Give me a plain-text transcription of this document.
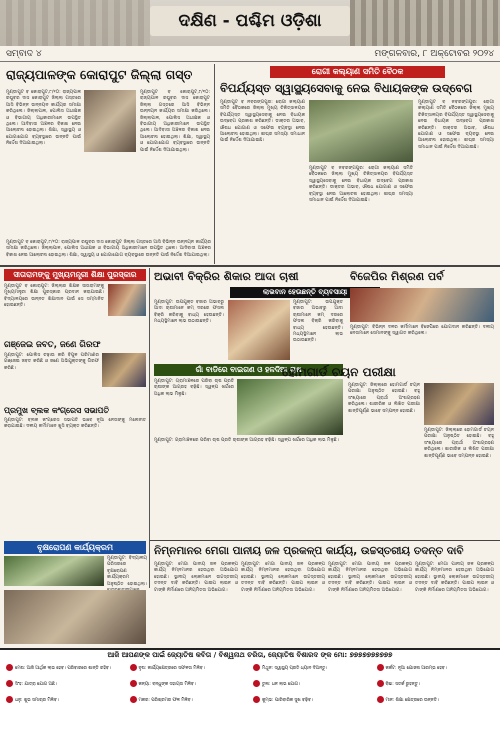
ଦକ୍ଷିଣ - ପଶ୍ଚିମ ଓଡ଼ିଶା
ସମ୍ବାଦ ୪	ମଙ୍ଗଳବାର, ୮ ଅକ୍ଟୋବର ୨୦୨୪
ରାଜ୍ୟପାଳଙ୍କ କୋରାପୁଟ ଜିଲ୍ଲା ଗସ୍ତ
ମୁଣ୍ଡାପୁଟ ବ କୋରାପୁଟ,୮/୧୦: ରାଜ୍ୟପାଳ ରଘୁବର ଦାସ କୋରାପୁଟ ଜିଲ୍ଲା ଗସ୍ତରେ ଆସି ବିଭିନ୍ନ ଉନ୍ନୟନ କାର୍ଯ୍ୟର ସମୀକ୍ଷା କରିଥିଲେ। ଜିଲ୍ଲାପାଳ, ପୋଲିସ ଅଧୀକ୍ଷକ ଓ ବିଭାଗୀୟ ଅଧିକାରୀମାନେ ଉପସ୍ଥିତ ଥିଲେ। ଆଦିବାସୀ ଅଞ୍ଚଳର ବିକାଶ ନେଇ ଆଲୋଚନା ହୋଇଥିଲା। ଶିକ୍ଷା, ସ୍ୱାସ୍ଥ୍ୟ ଓ ଯୋଗାଯୋଗ ବ୍ୟବସ୍ଥାରେ ଉନ୍ନତି ପାଇଁ ନିର୍ଦ୍ଦେଶ ଦିଆଯାଇଥିଲା।
ମୁଣ୍ଡାପୁଟ ବ କୋରାପୁଟ,୮/୧୦: ରାଜ୍ୟପାଳ ରଘୁବର ଦାସ କୋରାପୁଟ ଜିଲ୍ଲା ଗସ୍ତରେ ଆସି ବିଭିନ୍ନ ଉନ୍ନୟନ କାର୍ଯ୍ୟର ସମୀକ୍ଷା କରିଥିଲେ। ଜିଲ୍ଲାପାଳ, ପୋଲିସ ଅଧୀକ୍ଷକ ଓ ବିଭାଗୀୟ ଅଧିକାରୀମାନେ ଉପସ୍ଥିତ ଥିଲେ। ଆଦିବାସୀ ଅଞ୍ଚଳର ବିକାଶ ନେଇ ଆଲୋଚନା ହୋଇଥିଲା। ଶିକ୍ଷା, ସ୍ୱାସ୍ଥ୍ୟ ଓ ଯୋଗାଯୋଗ ବ୍ୟବସ୍ଥାରେ ଉନ୍ନତି ପାଇଁ ନିର୍ଦ୍ଦେଶ ଦିଆଯାଇଥିଲା।
ମୁଣ୍ଡାପୁଟ ବ କୋରାପୁଟ,୮/୧୦: ରାଜ୍ୟପାଳ ରଘୁବର ଦାସ କୋରାପୁଟ ଜିଲ୍ଲା ଗସ୍ତରେ ଆସି ବିଭିନ୍ନ ଉନ୍ନୟନ କାର୍ଯ୍ୟର ସମୀକ୍ଷା କରିଥିଲେ। ଜିଲ୍ଲାପାଳ, ପୋଲିସ ଅଧୀକ୍ଷକ ଓ ବିଭାଗୀୟ ଅଧିକାରୀମାନେ ଉପସ୍ଥିତ ଥିଲେ। ଆଦିବାସୀ ଅଞ୍ଚଳର ବିକାଶ ନେଇ ଆଲୋଚନା ହୋଇଥିଲା। ଶିକ୍ଷା, ସ୍ୱାସ୍ଥ୍ୟ ଓ ଯୋଗାଯୋଗ ବ୍ୟବସ୍ଥାରେ ଉନ୍ନତି ପାଇଁ ନିର୍ଦ୍ଦେଶ ଦିଆଯାଇଥିଲା।
ରୋଗୀ କଲ୍ୟାଣ ସମିତି ବୈଠକ
ବିପର୍ଯ୍ୟସ୍ତ ସ୍ୱାସ୍ଥ୍ୟସେବାକୁ ନେଇ ବିଧାୟକଙ୍କ ଉଦ୍‌ବେଗ
ମୁଣ୍ଡାପୁଟ ବ ନବରଙ୍ଗପୁର: ରୋଗୀ କଲ୍ୟାଣ ସମିତି ବୈଠକରେ ଜିଲ୍ଲା ମୁଖ୍ୟ ଚିକିତ୍ସାଳୟର ବିପର୍ଯ୍ୟସ୍ତ ସ୍ୱାସ୍ଥ୍ୟସେବାକୁ ନେଇ ବିଧାୟକ ଉଦ୍‌ବେଗ ପ୍ରକାଶ କରିଛନ୍ତି। ଡାକ୍ତର ଅଭାବ, ଔଷଧ ଯୋଗାଣ ଓ ସଫେଇ ବ୍ୟବସ୍ଥା ନେଇ ଆଲୋଚନା ହୋଇଥିଲା। ଶୀଘ୍ର ସମସ୍ୟା ସମାଧାନ ପାଇଁ ନିର୍ଦ୍ଦେଶ ଦିଆଯାଇଛି।
ମୁଣ୍ଡାପୁଟ ବ ନବରଙ୍ଗପୁର: ରୋଗୀ କଲ୍ୟାଣ ସମିତି ବୈଠକରେ ଜିଲ୍ଲା ମୁଖ୍ୟ ଚିକିତ୍ସାଳୟର ବିପର୍ଯ୍ୟସ୍ତ ସ୍ୱାସ୍ଥ୍ୟସେବାକୁ ନେଇ ବିଧାୟକ ଉଦ୍‌ବେଗ ପ୍ରକାଶ କରିଛନ୍ତି। ଡାକ୍ତର ଅଭାବ, ଔଷଧ ଯୋଗାଣ ଓ ସଫେଇ ବ୍ୟବସ୍ଥା ନେଇ ଆଲୋଚନା ହୋଇଥିଲା। ଶୀଘ୍ର ସମସ୍ୟା ସମାଧାନ ପାଇଁ ନିର୍ଦ୍ଦେଶ ଦିଆଯାଇଛି।
ମୁଣ୍ଡାପୁଟ ବ ନବରଙ୍ଗପୁର: ରୋଗୀ କଲ୍ୟାଣ ସମିତି ବୈଠକରେ ଜିଲ୍ଲା ମୁଖ୍ୟ ଚିକିତ୍ସାଳୟର ବିପର୍ଯ୍ୟସ୍ତ ସ୍ୱାସ୍ଥ୍ୟସେବାକୁ ନେଇ ବିଧାୟକ ଉଦ୍‌ବେଗ ପ୍ରକାଶ କରିଛନ୍ତି। ଡାକ୍ତର ଅଭାବ, ଔଷଧ ଯୋଗାଣ ଓ ସଫେଇ ବ୍ୟବସ୍ଥା ନେଇ ଆଲୋଚନା ହୋଇଥିଲା। ଶୀଘ୍ର ସମସ୍ୟା ସମାଧାନ ପାଇଁ ନିର୍ଦ୍ଦେଶ ଦିଆଯାଇଛି।
ସୀତାରାମଙ୍କୁ ମୁଖ୍ୟମନ୍ତ୍ରୀ ଶିକ୍ଷା ପୁରସ୍କାର
ମୁଣ୍ଡାପୁଟ ବ କୋରାପୁଟ: ଜିଲ୍ଲାର ଶିକ୍ଷକ ସୀତାରାମଙ୍କୁ ମୁଖ୍ୟମନ୍ତ୍ରୀ ଶିକ୍ଷା ପୁରସ୍କାର ପ୍ରଦାନ କରାଯାଇଛି। ବିଦ୍ୟାଳୟରେ ଉନ୍ନତ ଶିକ୍ଷାଦାନ ପାଇଁ ସେ ସମ୍ମାନିତ ହୋଇଛନ୍ତି।
ଗଞ୍ଜେଇ ଜବତ, ଜଣେ ଗିରଫ
ମୁଣ୍ଡାପୁଟ: ପୋଲିସ ଚଢ଼ାଉ କରି ବିପୁଳ ପରିମାଣର ଗଞ୍ଜେଇ ଜବତ କରିଛି ଓ ଜଣେ ଅଭିଯୁକ୍ତଙ୍କୁ ଗିରଫ କରିଛି।
ପ୍ରମୁଖ ବ୍ଲକ କଂଗ୍ରେସ ସଭାପତି
ମୁଣ୍ଡାପୁଟ: ବ୍ଲକ କଂଗ୍ରେସ ସଭାପତି ଭାବେ ନୂଆ ନେତାଙ୍କୁ ମନୋନୀତ କରାଯାଇଛି। ଦଳୀୟ କର୍ମୀମାନେ ଖୁସି ବ୍ୟକ୍ତ କରିଛନ୍ତି।
ବୃକ୍ଷରୋପଣ କାର୍ଯ୍ୟକ୍ରମ
ମୁଣ୍ଡାପୁଟ: ବିଦ୍ୟାଳୟ ପରିସରରେ ବୃକ୍ଷରୋପଣ କାର୍ଯ୍ୟକ୍ରମ ଅନୁଷ୍ଠିତ ହୋଇଥିଲା।
ଅଭାବୀ ବିକ୍ରିର ଶିକାର ଆଦା ଚାଷୀ
ଲାଭବାନ ହେଉଛନ୍ତି ବ୍ୟବସାୟୀ
ମୁଣ୍ଡାପୁଟ: ଉପଯୁକ୍ତ ବଜାର ଅଭାବରୁ ଆଦା ଚାଷୀମାନେ କମ୍ ଦରରେ ଫସଲ ବିକ୍ରି କରିବାକୁ ବାଧ୍ୟ ହେଉଛନ୍ତି। ମଧ୍ୟସ୍ଥିମାନେ ଲାଭ ଉଠାଉଛନ୍ତି।
ମୁଣ୍ଡାପୁଟ: ଉପଯୁକ୍ତ ବଜାର ଅଭାବରୁ ଆଦା ଚାଷୀମାନେ କମ୍ ଦରରେ ଫସଲ ବିକ୍ରି କରିବାକୁ ବାଧ୍ୟ ହେଉଛନ୍ତି। ମଧ୍ୟସ୍ଥିମାନେ ଲାଭ ଉଠାଉଛନ୍ତି।
ଗାଁ ବାଡିରେ ବାଇଗଣ ଓ ହଳଦିଆ ଚାଷ
ମୁଣ୍ଡାପୁଟ: ଗ୍ରାମାଞ୍ଚଳରେ ପରିବା ଚାଷ ପ୍ରତି ଚାଷୀଙ୍କ ଆଗ୍ରହ ବଢ଼ିଛି। ସ୍ୱଳ୍ପ ଖର୍ଚ୍ଚରେ ଅଧିକ ଲାଭ ମିଳୁଛି।
ମୁଣ୍ଡାପୁଟ: ଗ୍ରାମାଞ୍ଚଳରେ ପରିବା ଚାଷ ପ୍ରତି ଚାଷୀଙ୍କ ଆଗ୍ରହ ବଢ଼ିଛି। ସ୍ୱଳ୍ପ ଖର୍ଚ୍ଚରେ ଅଧିକ ଲାଭ ମିଳୁଛି।
ବିଜେପିର ମିଶ୍ରଣ ପର୍ବ
ମୁଣ୍ଡାପୁଟ: ବିଭିନ୍ନ ଦଳର କର୍ମୀମାନେ ବିଜେପିରେ ଯୋଗଦାନ କରିଛନ୍ତି। ଦଳୀୟ ନେତାମାନେ ସେମାନଙ୍କୁ ସ୍ୱାଗତ କରିଥିଲେ।
ହୋମଗାର୍ଡ ଚୟନ ପରୀକ୍ଷା
ମୁଣ୍ଡାପୁଟ: ଜିଲ୍ଲାରେ ହୋମଗାର୍ଡ ଚୟନ ପରୀକ୍ଷା ଅନୁଷ୍ଠିତ ହୋଇଛି। ବହୁ ସଂଖ୍ୟାରେ ପ୍ରାର୍ଥୀ ଅଂଶଗ୍ରହଣ କରିଥିଲେ। ଶାରୀରିକ ଓ ଲିଖିତ ପରୀକ୍ଷା ଶାନ୍ତିପୂର୍ଣ୍ଣ ଭାବେ ସମ୍ପନ୍ନ ହୋଇଛି।
ମୁଣ୍ଡାପୁଟ: ଜିଲ୍ଲାରେ ହୋମଗାର୍ଡ ଚୟନ ପରୀକ୍ଷା ଅନୁଷ୍ଠିତ ହୋଇଛି। ବହୁ ସଂଖ୍ୟାରେ ପ୍ରାର୍ଥୀ ଅଂଶଗ୍ରହଣ କରିଥିଲେ। ଶାରୀରିକ ଓ ଲିଖିତ ପରୀକ୍ଷା ଶାନ୍ତିପୂର୍ଣ୍ଣ ଭାବେ ସମ୍ପନ୍ନ ହୋଇଛି।
ନିମ୍ନମାନର ମେଗା ପାନୀୟ ଜଳ ପ୍ରକଳ୍ପ କାର୍ଯ୍ୟ, ଉଚ୍ଚସ୍ତରୀୟ ତଦନ୍ତ ଦାବି
ମୁଣ୍ଡାପୁଟ: ମେଗା ପାନୀୟ ଜଳ ପ୍ରକଳ୍ପ କାର୍ଯ୍ୟ ନିମ୍ନମାନର ହେଉଥିବା ଅଭିଯୋଗ ହୋଇଛି। ସ୍ଥାନୀୟ ଲୋକମାନେ ଉଚ୍ଚସ୍ତରୀୟ ତଦନ୍ତ ଦାବି କରିଛନ୍ତି। ପାଇପ ଲାଇନ ଓ ଟାଙ୍କି ନିର୍ମାଣରେ ଅନିୟମିତତା ଅଭିଯୋଗ।
ମୁଣ୍ଡାପୁଟ: ମେଗା ପାନୀୟ ଜଳ ପ୍ରକଳ୍ପ କାର୍ଯ୍ୟ ନିମ୍ନମାନର ହେଉଥିବା ଅଭିଯୋଗ ହୋଇଛି। ସ୍ଥାନୀୟ ଲୋକମାନେ ଉଚ୍ଚସ୍ତରୀୟ ତଦନ୍ତ ଦାବି କରିଛନ୍ତି। ପାଇପ ଲାଇନ ଓ ଟାଙ୍କି ନିର୍ମାଣରେ ଅନିୟମିତତା ଅଭିଯୋଗ।
ମୁଣ୍ଡାପୁଟ: ମେଗା ପାନୀୟ ଜଳ ପ୍ରକଳ୍ପ କାର୍ଯ୍ୟ ନିମ୍ନମାନର ହେଉଥିବା ଅଭିଯୋଗ ହୋଇଛି। ସ୍ଥାନୀୟ ଲୋକମାନେ ଉଚ୍ଚସ୍ତରୀୟ ତଦନ୍ତ ଦାବି କରିଛନ୍ତି। ପାଇପ ଲାଇନ ଓ ଟାଙ୍କି ନିର୍ମାଣରେ ଅନିୟମିତତା ଅଭିଯୋଗ।
ମୁଣ୍ଡାପୁଟ: ମେଗା ପାନୀୟ ଜଳ ପ୍ରକଳ୍ପ କାର୍ଯ୍ୟ ନିମ୍ନମାନର ହେଉଥିବା ଅଭିଯୋଗ ହୋଇଛି। ସ୍ଥାନୀୟ ଲୋକମାନେ ଉଚ୍ଚସ୍ତରୀୟ ତଦନ୍ତ ଦାବି କରିଛନ୍ତି। ପାଇପ ଲାଇନ ଓ ଟାଙ୍କି ନିର୍ମାଣରେ ଅନିୟମିତତା ଅଭିଯୋଗ।
ଆଜି ଆପଣଙ୍କ ପାଇଁ ଜ୍ୟୋତିଷ କବିତା / ବିଶ୍ୱନାଥ ଚରିତା, ଜ୍ୟୋତିଷ ବିଶାରଦ ଙ୍କ ମୋ: ୭୭୭୭୭୭୭୭୭୭
ମେଷ: ଆଜି ଆର୍ଥିକ ଲାଭ ହେବ। ପରିବାରରେ ଶାନ୍ତି ରହିବ।	ବୃଷ: କାର୍ଯ୍ୟକ୍ଷେତ୍ରରେ ସଫଳତା ମିଳିବ।	ମିଥୁନ: ସ୍ୱାସ୍ଥ୍ୟ ପ୍ରତି ଧ୍ୟାନ ଦିଅନ୍ତୁ।	କର୍କଟ: ନୂଆ ଯୋଜନା ଆରମ୍ଭ ହେବ।
ସିଂହ: ଯାତ୍ରା ଯୋଗ ଅଛି।	କନ୍ୟା: ବନ୍ଧୁଙ୍କ ସହାୟତା ମିଳିବ।	ତୁଳା: ଧନ ଲାଭ ଯୋଗ।	ବିଛା: ସତର୍କ ରୁହନ୍ତୁ।
ଧନୁ: ଶୁଭ ସମାଚାର ମିଳିବ।	ମକର: ପରିଶ୍ରମର ଫଳ ମିଳିବ।	କୁମ୍ଭ: ପାରିବାରିକ ସୁଖ ବଢ଼ିବ।	ମୀନ: ଶିକ୍ଷା କ୍ଷେତ୍ରରେ ଉନ୍ନତି।
